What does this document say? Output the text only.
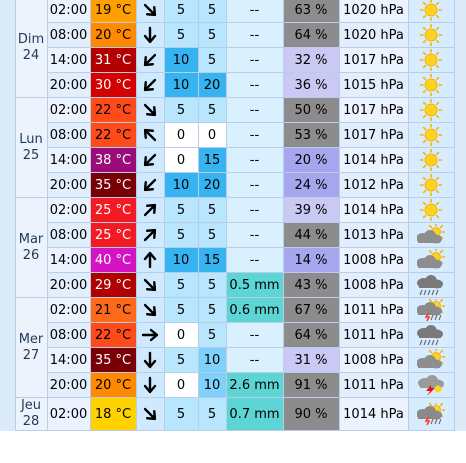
	Dim
24	02:00	19 °C		5	5	--	63 %	1020 hPa	

		08:00	20 °C		5	5	--	64 %	1020 hPa	

		14:00	31 °C		10	5	--	32 %	1017 hPa	

		20:00	30 °C		10	20	--	36 %	1015 hPa	

	Lun
25	02:00	22 °C		5	5	--	50 %	1017 hPa	

		08:00	22 °C		0	0	--	53 %	1017 hPa	

		14:00	38 °C		0	15	--	20 %	1014 hPa	

		20:00	35 °C		10	20	--	24 %	1012 hPa	

	Mar
26	02:00	25 °C		5	5	--	39 %	1014 hPa	

		08:00	25 °C		5	5	--	44 %	1013 hPa	

		14:00	40 °C		10	15	--	14 %	1008 hPa	

		20:00	29 °C		5	5	0.5 mm	43 %	1008 hPa	

	Mer
27	02:00	21 °C		5	5	0.6 mm	67 %	1011 hPa	

		08:00	22 °C		0	5	--	64 %	1011 hPa	

		14:00	35 °C		5	10	--	31 %	1008 hPa	

		20:00	20 °C		0	10	2.6 mm	91 %	1011 hPa	

	Jeu
28	02:00	18 °C		5	5	0.7 mm	90 %	1014 hPa	
